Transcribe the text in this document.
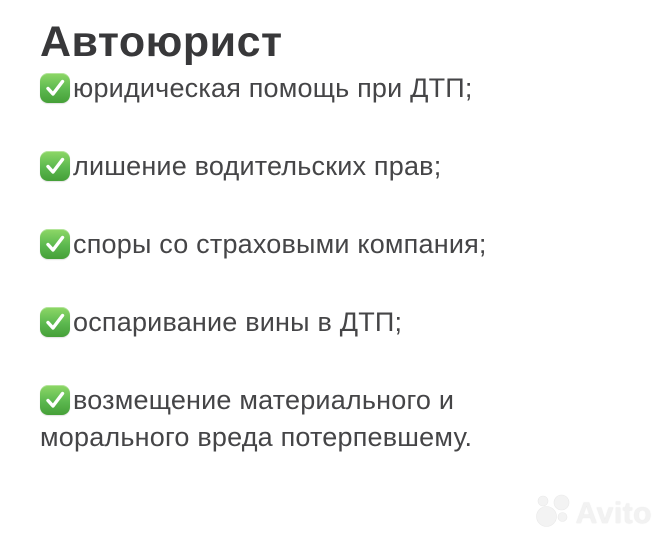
Автоюрист
юридическая помощь при ДТП;
лишение водительских прав;
споры со страховыми компания;
оспаривание вины в ДТП;
возмещение материального и
морального вреда потерпевшему.
Avito
